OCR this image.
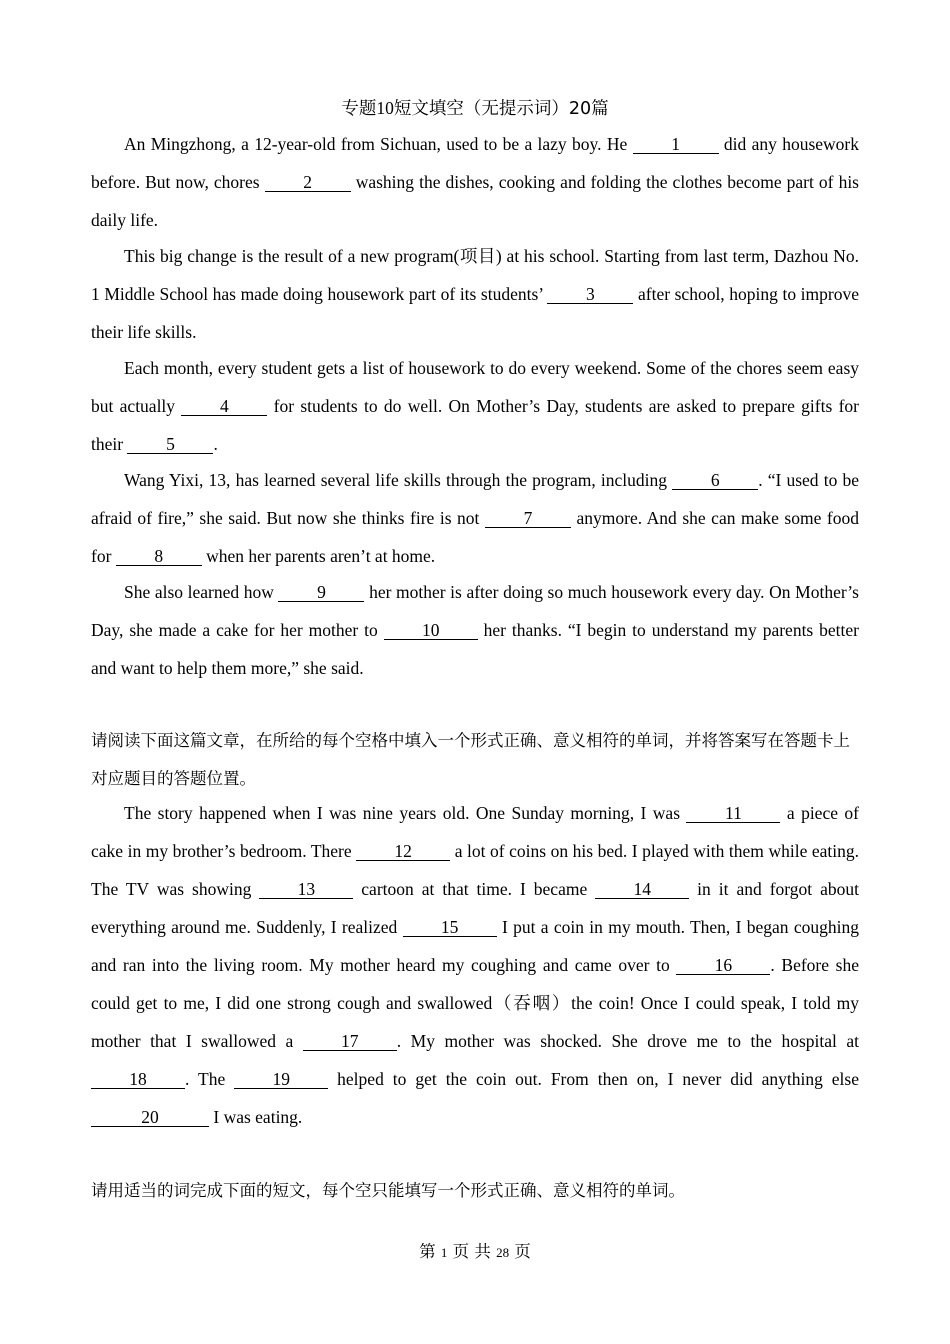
专题10短文填空（无提示词）20篇

An Mingzhong, a 12-year-old from Sichuan, used to be a lazy boy. He 1 did any housework before. But now, chores 2 washing the dishes, cooking and folding the clothes become part of his daily life.

This big change is the result of a new program(项目) at his school. Starting from last term, Dazhou No. 1 Middle School has made doing housework part of its students’ 3 after school, hoping to improve their life skills.

Each month, every student gets a list of housework to do every weekend. Some of the chores seem easy but actually 4 for students to do well. On Mother’s Day, students are asked to prepare gifts for their 5 .

Wang Yixi, 13, has learned several life skills through the program, including 6 . “I used to be afraid of fire,” she said. But now she thinks fire is not 7 anymore. And she can make some food for 8 when her parents aren’t at home.

She also learned how 9 her mother is after doing so much housework every day. On Mother’s Day, she made a cake for her mother to 10 her thanks. “I begin to understand my parents better and want to help them more,” she said.

请阅读下面这篇文章，在所给的每个空格中填入一个形式正确、意义相符的单词，并将答案写在答题卡上对应题目的答题位置。

The story happened when I was nine years old. One Sunday morning, I was 11 a piece of cake in my brother’s bedroom. There 12 a lot of coins on his bed. I played with them while eating. The TV was showing 13 cartoon at that time. I became 14 in it and forgot about everything around me. Suddenly, I realized 15 I put a coin in my mouth. Then, I began coughing and ran into the living room. My mother heard my coughing and came over to 16 . Before she could get to me, I did one strong cough and swallowed（吞咽）the coin! Once I could speak, I told my mother that I swallowed a 17 . My mother was shocked. She drove me to the hospital at 18 . The 19 helped to get the coin out. From then on, I never did anything else 20	I was eating.

请用适当的词完成下面的短文，每个空只能填写一个形式正确、意义相符的单词。

第 1 页 共 28 页
